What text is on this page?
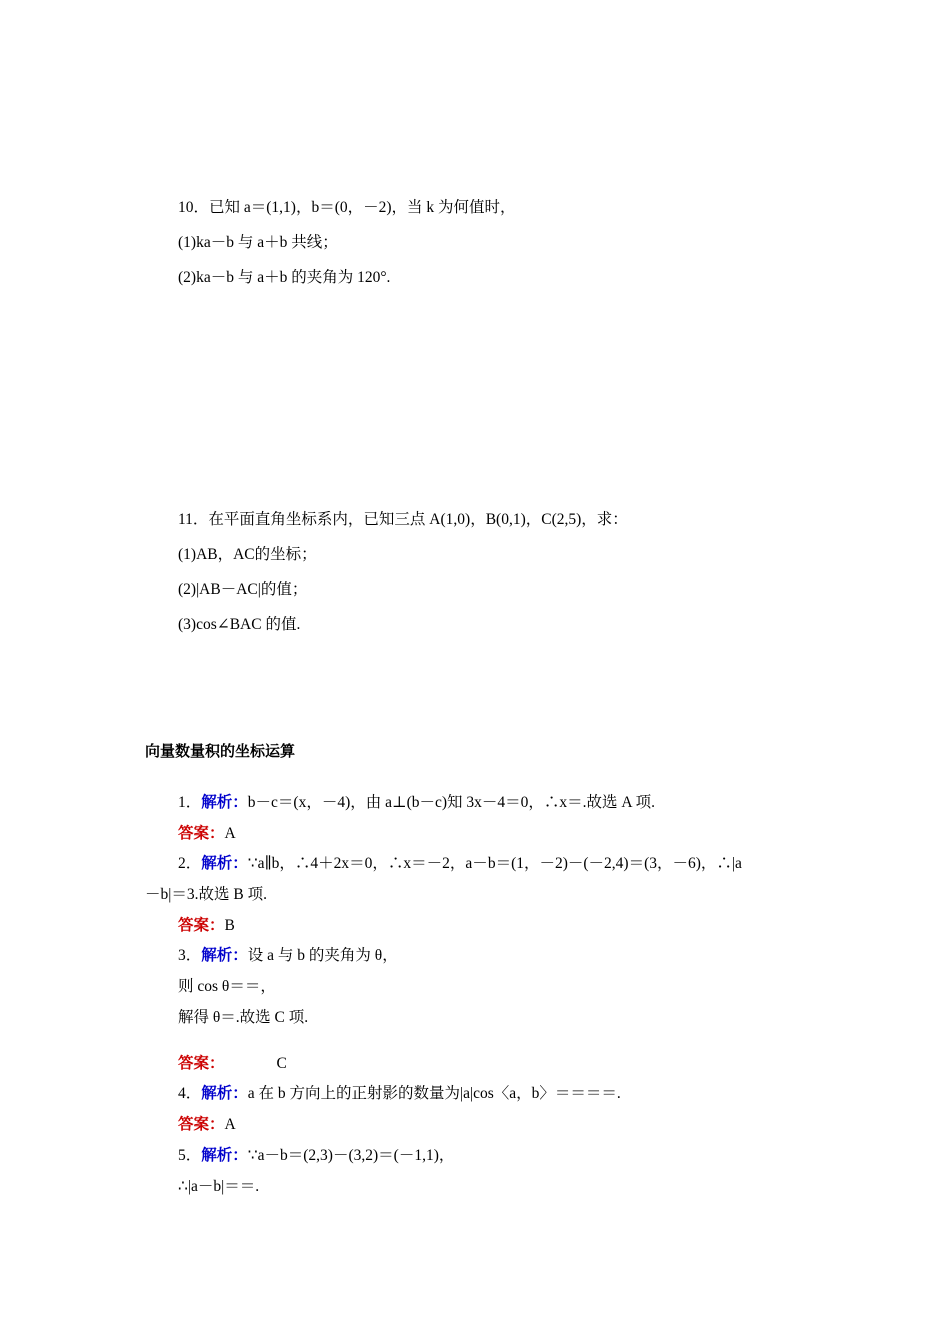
10．已知 a＝(1,1)，b＝(0，－2)，当 k 为何值时，
(1)ka－b 与 a＋b 共线；
(2)ka－b 与 a＋b 的夹角为 120°.
11．在平面直角坐标系内，已知三点 A(1,0)，B(0,1)，C(2,5)，求：
(1)AB，AC的坐标；
(2)|AB－AC|的值；
(3)cos∠BAC 的值.
向量数量积的坐标运算
1．解析：b－c＝(x，－4)，由 a⊥(b－c)知 3x－4＝0，∴x＝.故选 A 项.
答案：A
2．解析：∵a∥b，∴4＋2x＝0，∴x＝－2，a－b＝(1，－2)－(－2,4)＝(3，－6)，∴|a
－b|＝3.故选 B 项.
答案：B
3．解析：设 a 与 b 的夹角为 θ，
则 cos θ＝＝，
解得 θ＝.故选 C 项.
答案：	C
4．解析：a 在 b 方向上的正射影的数量为|a|cos〈a，b〉＝＝＝＝.
答案：A
5．解析：∵a－b＝(2,3)－(3,2)＝(－1,1)，
∴|a－b|＝＝.
